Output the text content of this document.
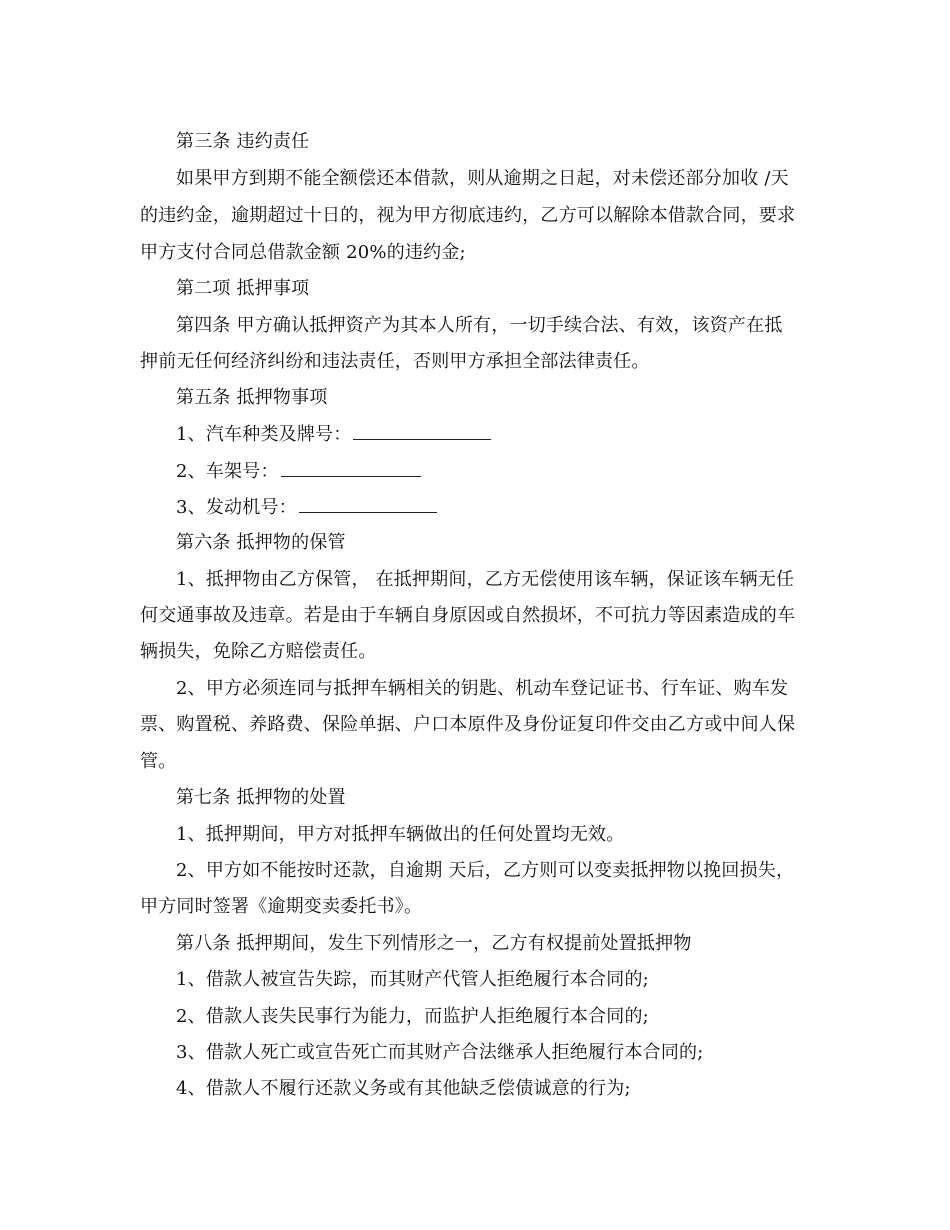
第三条 违约责任
如果甲方到期不能全额偿还本借款，则从逾期之日起，对未偿还部分加收 /天
的违约金，逾期超过十日的，视为甲方彻底违约，乙方可以解除本借款合同，要求
甲方支付合同总借款金额 20%的违约金;
第二项 抵押事项
第四条 甲方确认抵押资产为其本人所有，一切手续合法、有效，该资产在抵
押前无任何经济纠纷和违法责任，否则甲方承担全部法律责任。
第五条 抵押物事项
1、汽车种类及牌号：
2、车架号：
3、发动机号：
第六条 抵押物的保管
1、抵押物由乙方保管， 在抵押期间，乙方无偿使用该车辆，保证该车辆无任
何交通事故及违章。若是由于车辆自身原因或自然损坏，不可抗力等因素造成的车
辆损失，免除乙方赔偿责任。
2、甲方必须连同与抵押车辆相关的钥匙、机动车登记证书、行车证、购车发
票、购置税、养路费、保险单据、户口本原件及身份证复印件交由乙方或中间人保
管。
第七条 抵押物的处置
1、抵押期间，甲方对抵押车辆做出的任何处置均无效。
2、甲方如不能按时还款，自逾期 天后，乙方则可以变卖抵押物以挽回损失，
甲方同时签署《逾期变卖委托书》。
第八条 抵押期间，发生下列情形之一，乙方有权提前处置抵押物
1、借款人被宣告失踪，而其财产代管人拒绝履行本合同的;
2、借款人丧失民事行为能力，而监护人拒绝履行本合同的;
3、借款人死亡或宣告死亡而其财产合法继承人拒绝履行本合同的;
4、借款人不履行还款义务或有其他缺乏偿债诚意的行为;
